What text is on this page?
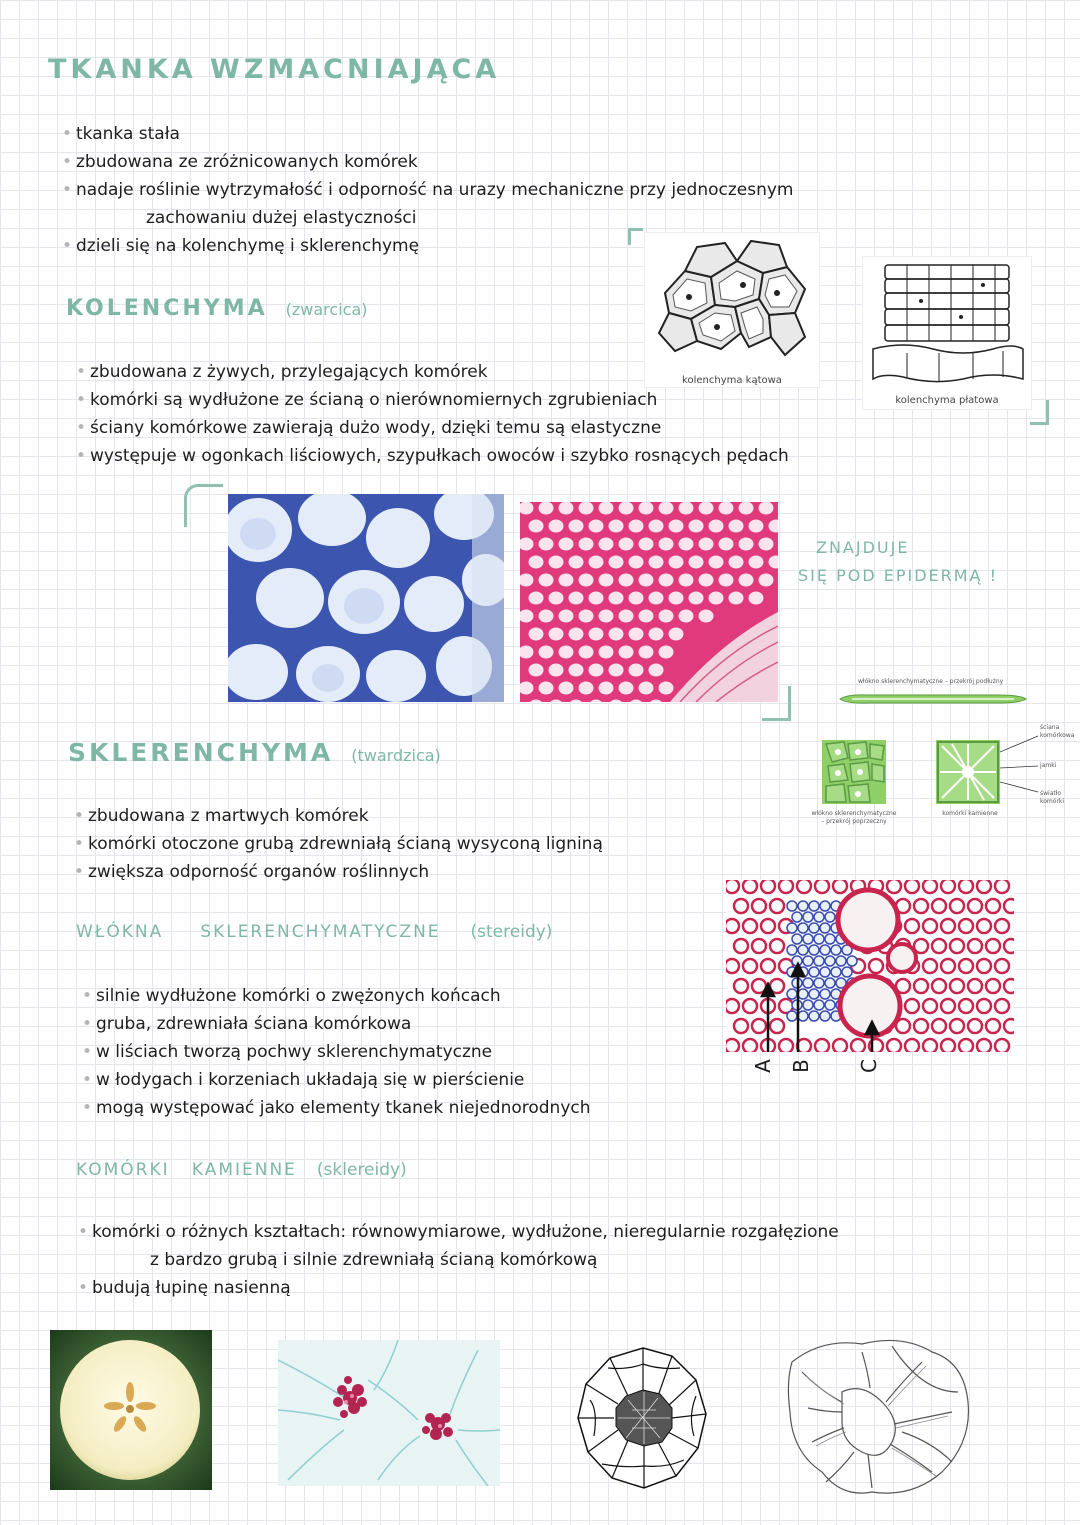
TKANKA WZMACNIAJĄCA
• tkanka stała
• zbudowana ze zróżnicowanych komórek
• nadaje roślinie wytrzymałość i odporność na urazy mechaniczne przy jednoczesnym
zachowaniu dużej elastyczności
• dzieli się na kolenchymę i sklerenchymę
KOLENCHYMA (zwarcica)
kolenchyma kątowa
kolenchyma płatowa
• zbudowana z żywych, przylegających komórek
• komórki są wydłużone ze ścianą o nierównomiernych zgrubieniach
• ściany komórkowe zawierają dużo wody, dzięki temu są elastyczne
• występuje w ogonkach liściowych, szypułkach owoców i szybko rosnących pędach
ZNAJDUJE
SIĘ POD EPIDERMĄ !
włókno sklerenchymatyczne – przekrój podłużny
SKLERENCHYMA (twardzica)
ściana komórkowa
jamki
światło komórki
włókno sklerenchymatyczne
– przekrój poprzeczny
komórki kamienne
• zbudowana z martwych komórek
• komórki otoczone grubą zdrewniałą ścianą wysyconą ligniną
• zwiększa odporność organów roślinnych
A B C
WŁÓKNA SKLERENCHYMATYCZNE (stereidy)
• silnie wydłużone komórki o zwężonych końcach
• gruba, zdrewniała ściana komórkowa
• w liściach tworzą pochwy sklerenchymatyczne
• w łodygach i korzeniach układają się w pierścienie
• mogą występować jako elementy tkanek niejednorodnych
KOMÓRKI KAMIENNE (sklereidy)
• komórki o różnych kształtach: równowymiarowe, wydłużone, nieregularnie rozgałęzione
z bardzo grubą i silnie zdrewniałą ścianą komórkową
• budują łupinę nasienną
